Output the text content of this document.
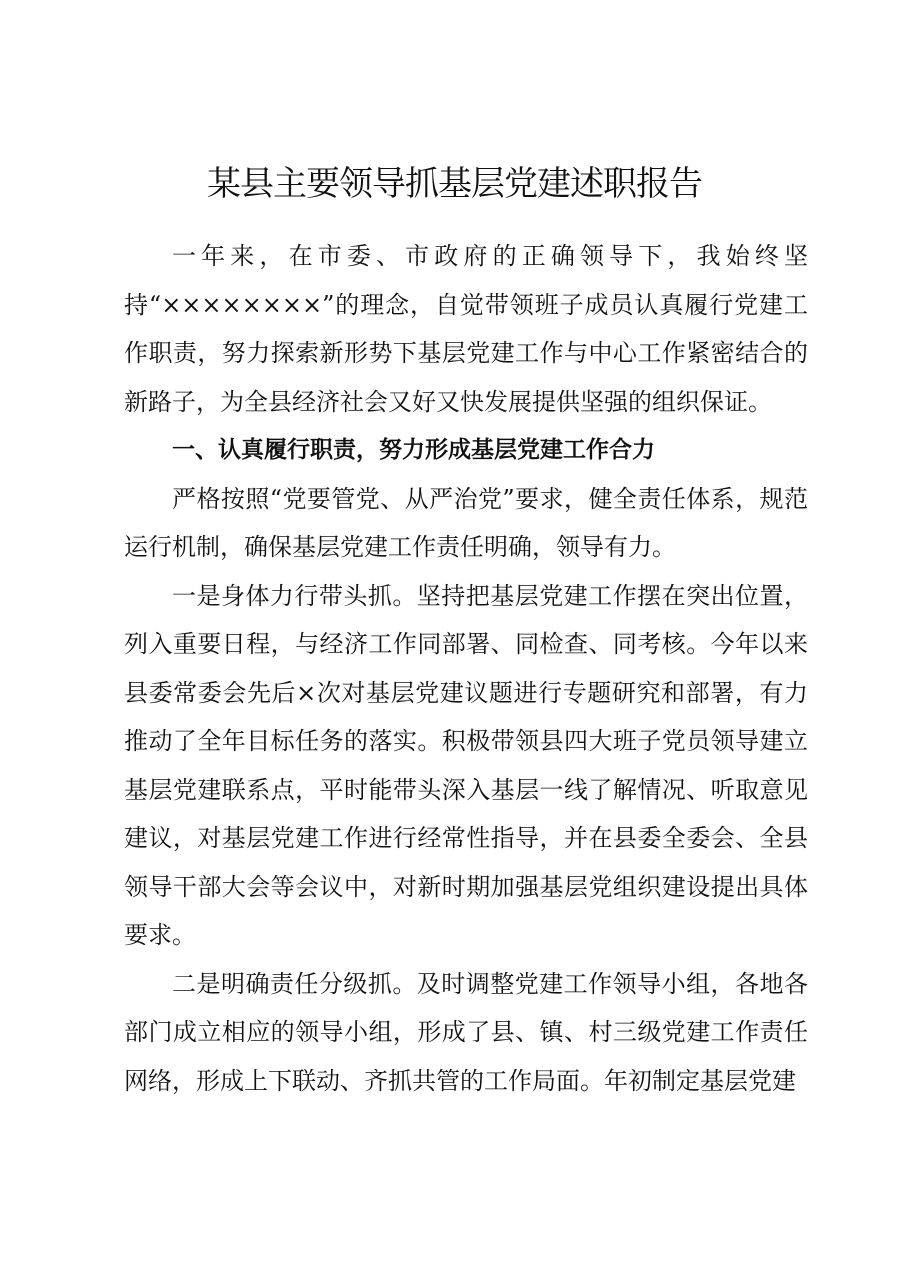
某县主要领导抓基层党建述职报告

一年来，在市委、市政府的正确领导下，我始终坚持“××××××××”的理念，自觉带领班子成员认真履行党建工作职责，努力探索新形势下基层党建工作与中心工作紧密结合的新路子，为全县经济社会又好又快发展提供坚强的组织保证。

一、认真履行职责，努力形成基层党建工作合力

严格按照“党要管党、从严治党”要求，健全责任体系，规范运行机制，确保基层党建工作责任明确，领导有力。

一是身体力行带头抓。坚持把基层党建工作摆在突出位置，列入重要日程，与经济工作同部署、同检查、同考核。今年以来县委常委会先后×次对基层党建议题进行专题研究和部署，有力推动了全年目标任务的落实。积极带领县四大班子党员领导建立基层党建联系点，平时能带头深入基层一线了解情况、听取意见建议，对基层党建工作进行经常性指导，并在县委全委会、全县领导干部大会等会议中，对新时期加强基层党组织建设提出具体要求。

二是明确责任分级抓。及时调整党建工作领导小组，各地各部门成立相应的领导小组，形成了县、镇、村三级党建工作责任网络，形成上下联动、齐抓共管的工作局面。年初制定基层党建
